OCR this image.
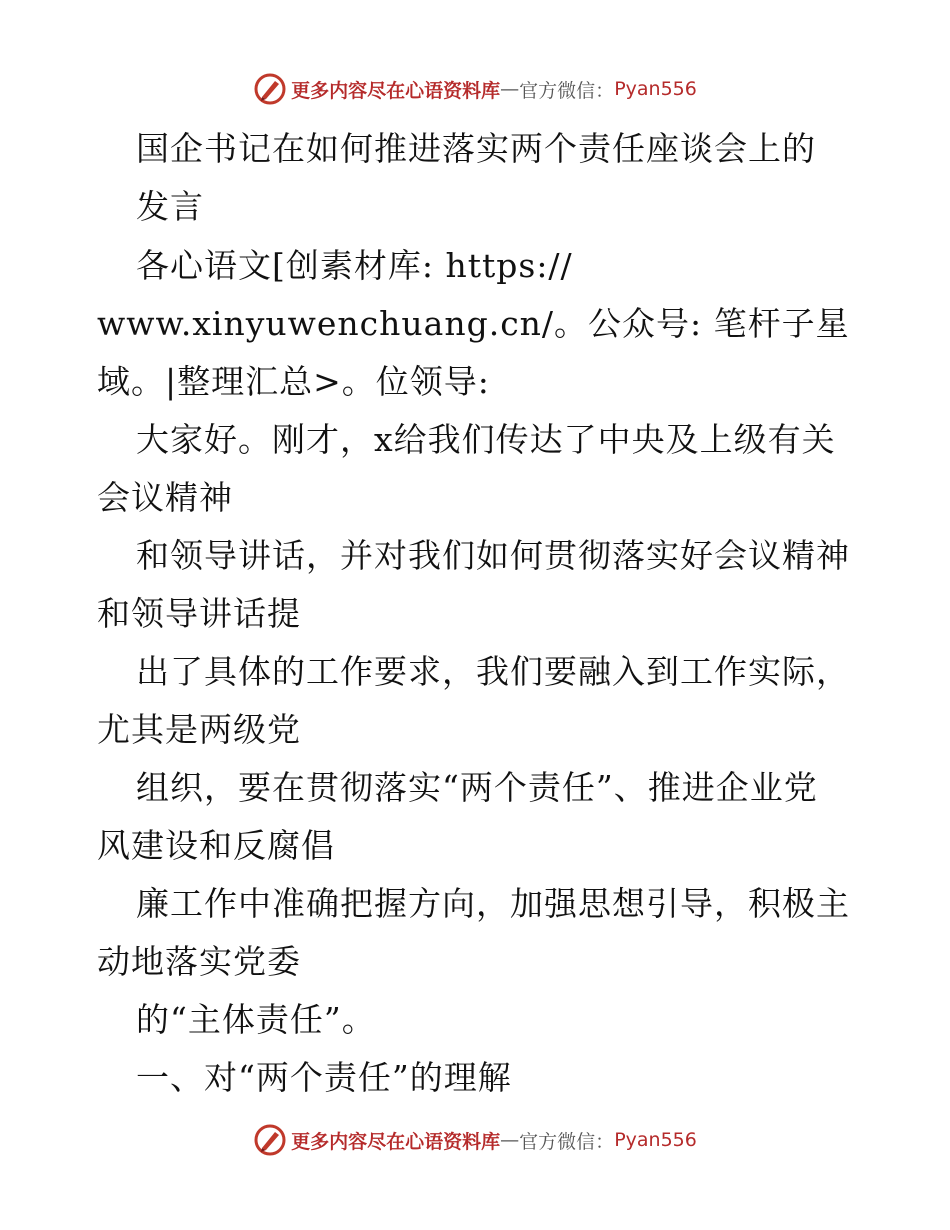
更多内容尽在心语资料库 — 官方微信： Pyan556
国企书记在如何推进落实两个责任座谈会上的
发言
各心语文[创素材库: https://
www.xinyuwenchuang.cn/。公众号: 笔杆子星
域。|整理汇总>。位领导:
大家好。刚才，x给我们传达了中央及上级有关
会议精神
和领导讲话，并对我们如何贯彻落实好会议精神
和领导讲话提
出了具体的工作要求，我们要融入到工作实际，
尤其是两级党
组织，要在贯彻落实“两个责任”、推进企业党
风建设和反腐倡
廉工作中准确把握方向，加强思想引导，积极主
动地落实党委
的“主体责任”。
一、对“两个责任”的理解
更多内容尽在心语资料库 — 官方微信： Pyan556
